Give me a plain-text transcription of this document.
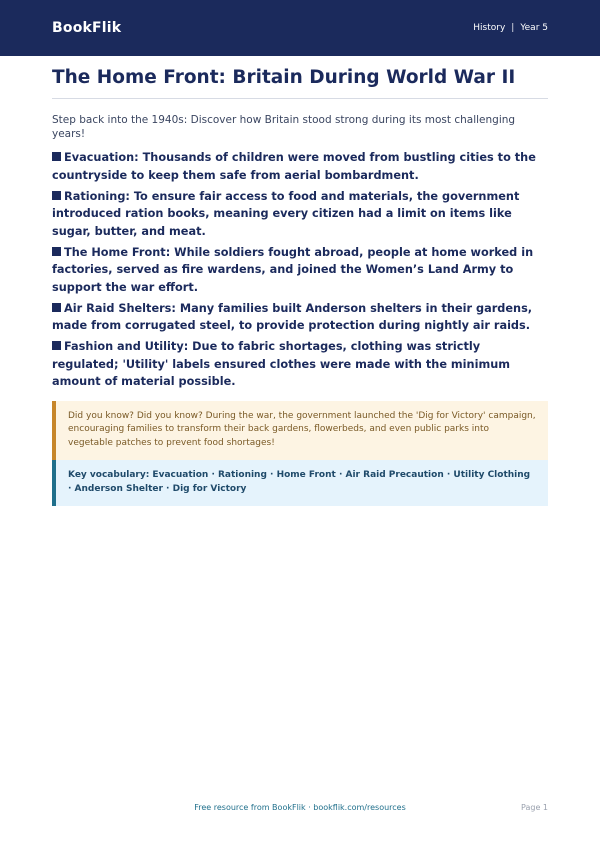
BookFlik	History | Year 5
The Home Front: Britain During World War II

Step back into the 1940s: Discover how Britain stood strong during its most challenging years!

Evacuation: Thousands of children were moved from bustling cities to the countryside to keep them safe from aerial bombardment.
Rationing: To ensure fair access to food and materials, the government introduced ration books, meaning every citizen had a limit on items like sugar, butter, and meat.
The Home Front: While soldiers fought abroad, people at home worked in factories, served as fire wardens, and joined the Women’s Land Army to support the war effort.
Air Raid Shelters: Many families built Anderson shelters in their gardens, made from corrugated steel, to provide protection during nightly air raids.
Fashion and Utility: Due to fabric shortages, clothing was strictly regulated; 'Utility' labels ensured clothes were made with the minimum amount of material possible.
Did you know? Did you know? During the war, the government launched the 'Dig for Victory' campaign, encouraging families to transform their back gardens, flowerbeds, and even public parks into vegetable patches to prevent food shortages!
Key vocabulary: Evacuation · Rationing · Home Front · Air Raid Precaution · Utility Clothing · Anderson Shelter · Dig for Victory
Free resource from BookFlik · bookflik.com/resources	Page 1
